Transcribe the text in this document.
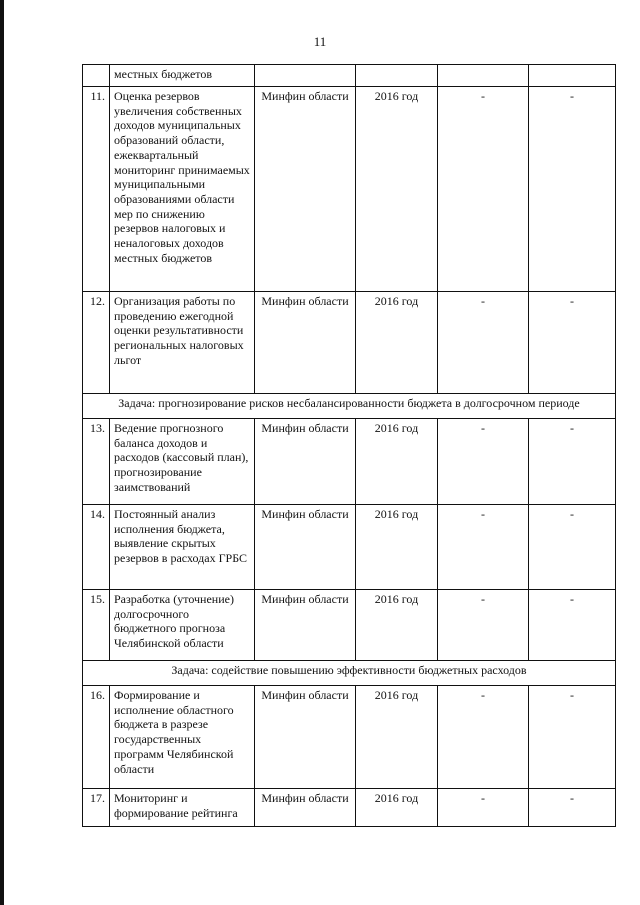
11
	местных бюджетов				
11.	Оценка резервов увеличения собственных доходов муниципальных образований области, ежеквартальный мониторинг принимаемых муниципальными образованиями области мер по снижению резервов налоговых и неналоговых доходов местных бюджетов	Минфин области	2016 год	-	-
12.	Организация работы по проведению ежегодной оценки результативности региональных налоговых льгот	Минфин области	2016 год	-	-
Задача: прогнозирование рисков несбалансированности бюджета в долгосрочном периоде					
13.	Ведение прогнозного баланса доходов и расходов (кассовый план), прогнозирование заимствований	Минфин области	2016 год	-	-
14.	Постоянный анализ исполнения бюджета, выявление скрытых резервов в расходах ГРБС	Минфин области	2016 год	-	-
15.	Разработка (уточнение) долгосрочного бюджетного прогноза Челябинской области	Минфин области	2016 год	-	-
Задача: содействие повышению эффективности бюджетных расходов					
16.	Формирование и исполнение областного бюджета в разрезе государственных программ Челябинской области	Минфин области	2016 год	-	-
17.	Мониторинг и формирование рейтинга	Минфин области	2016 год	-	-
